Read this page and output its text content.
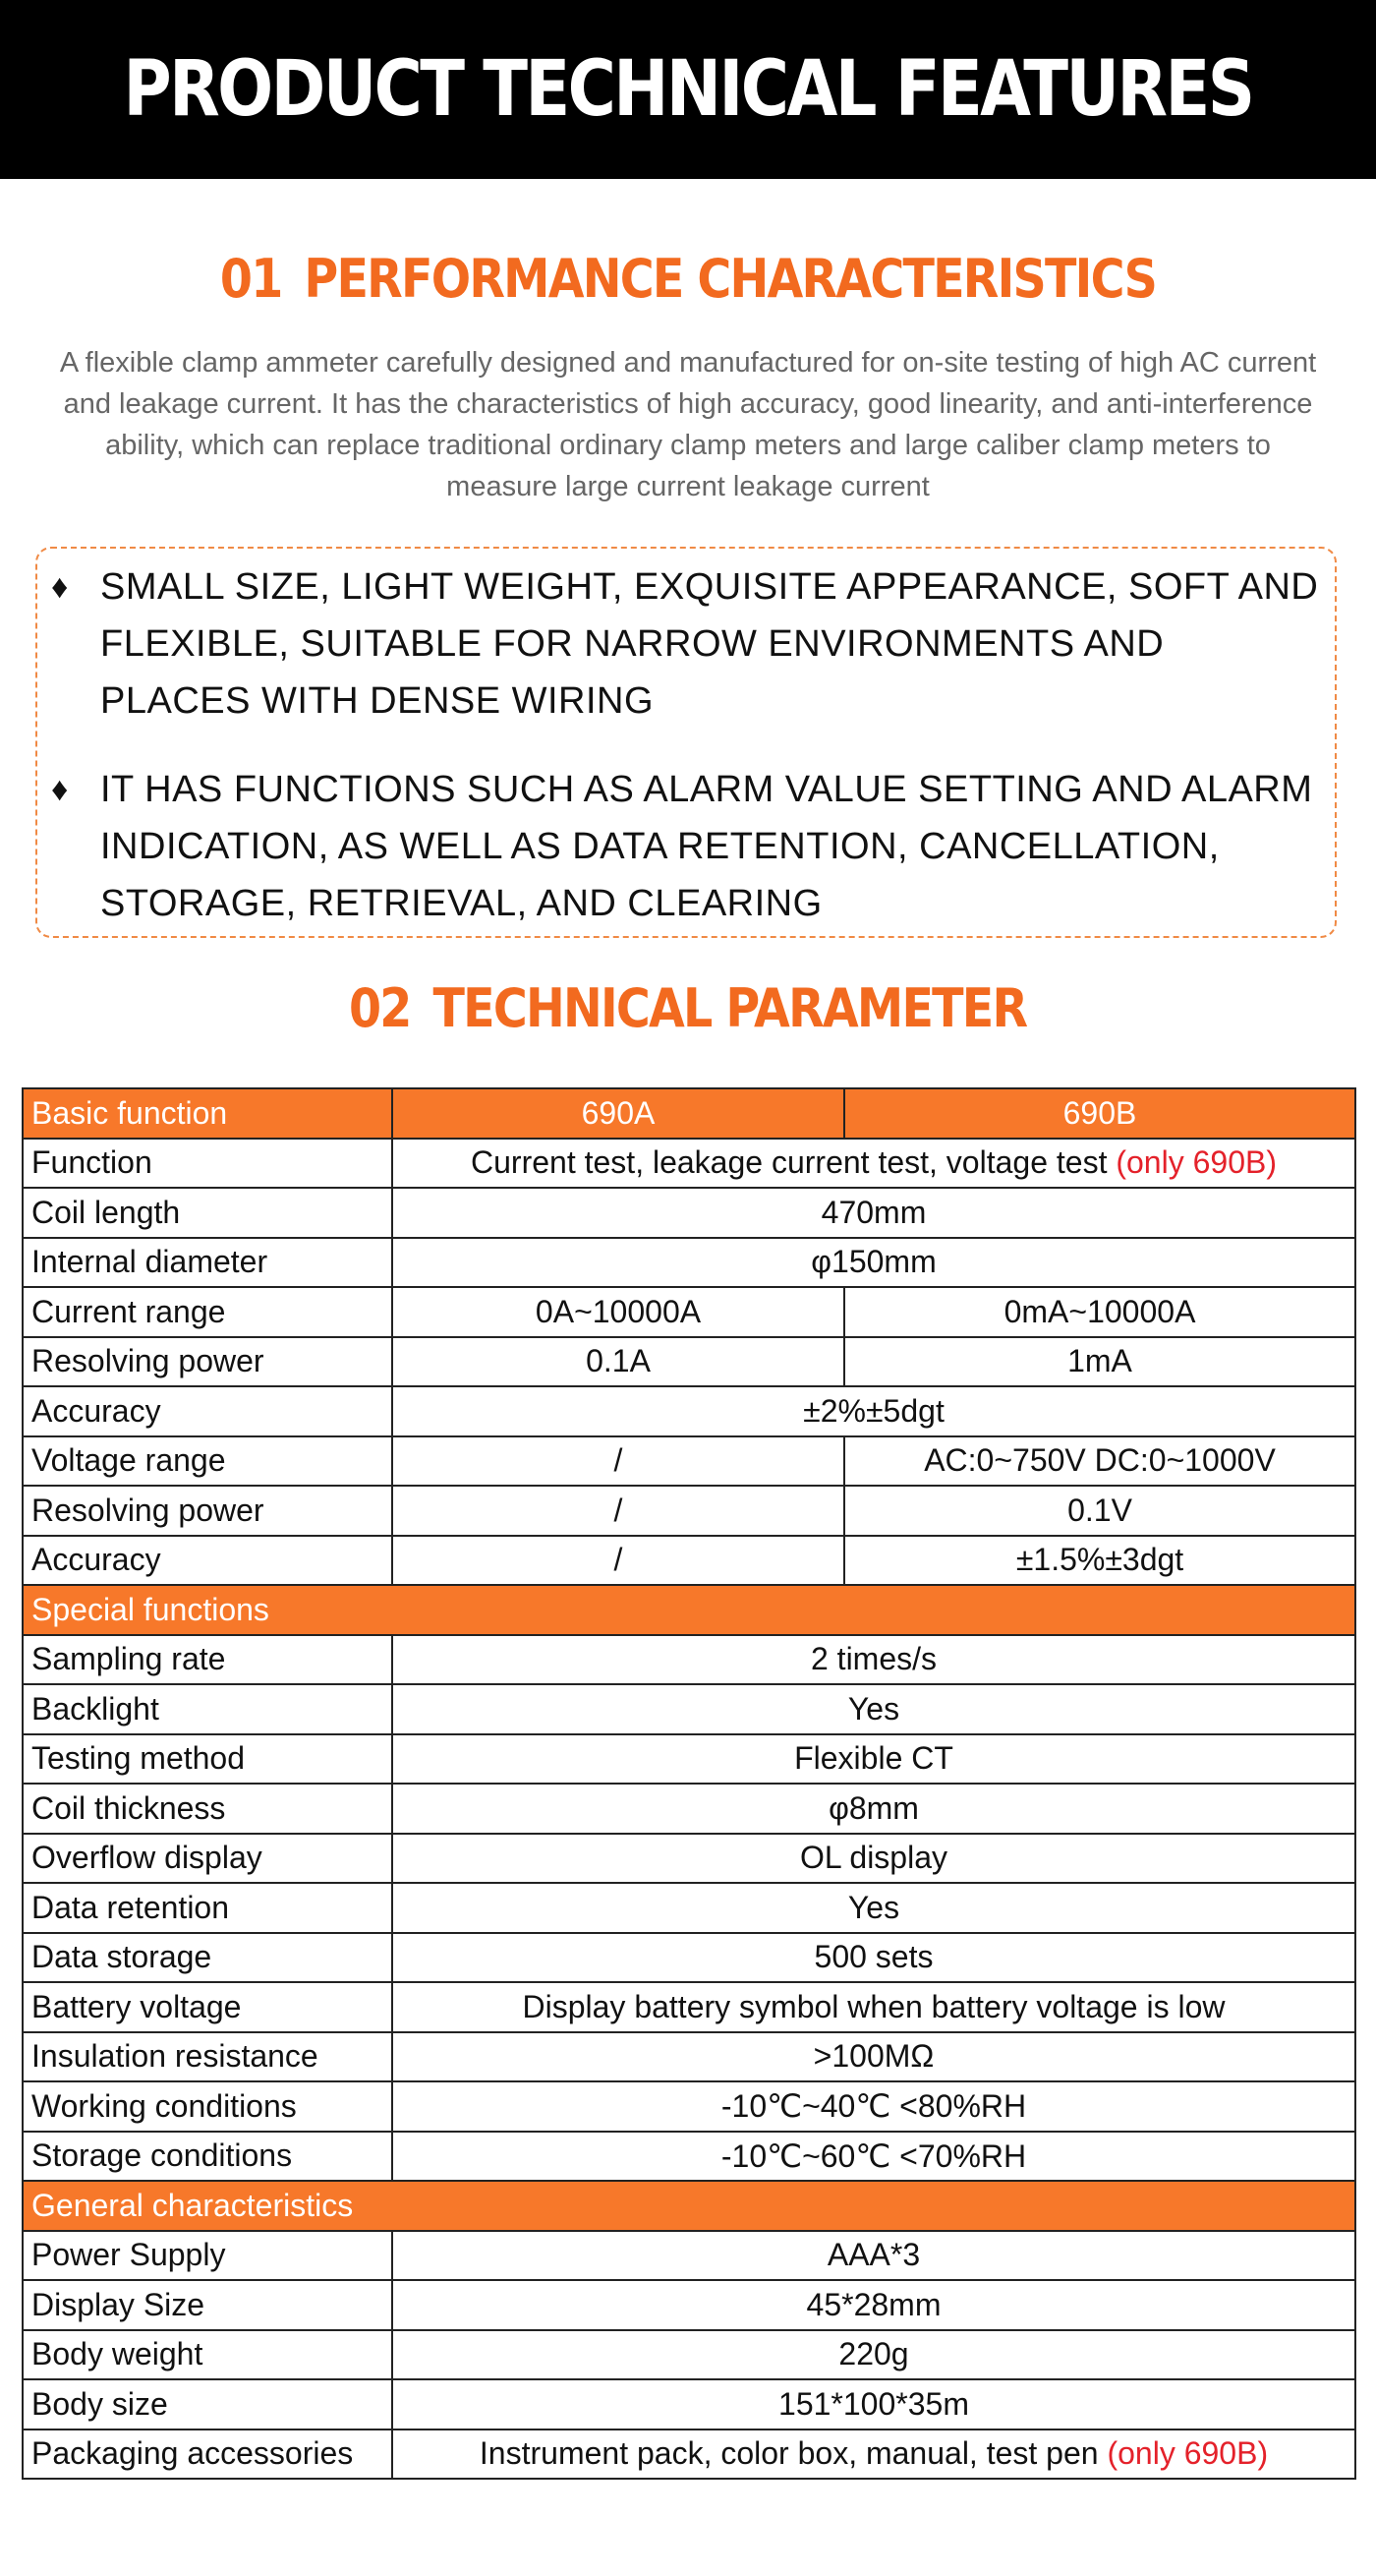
PRODUCT TECHNICAL FEATURES
01 PERFORMANCE CHARACTERISTICS
A flexible clamp ammeter carefully designed and manufactured for on-site testing of high AC current and leakage current. It has the characteristics of high accuracy, good linearity, and anti-interference ability, which can replace traditional ordinary clamp meters and large caliber clamp meters to measure large current leakage current
♦ SMALL SIZE, LIGHT WEIGHT, EXQUISITE APPEARANCE, SOFT AND FLEXIBLE, SUITABLE FOR NARROW ENVIRONMENTS AND PLACES WITH DENSE WIRING
♦ IT HAS FUNCTIONS SUCH AS ALARM VALUE SETTING AND ALARM INDICATION, AS WELL AS DATA RETENTION, CANCELLATION, STORAGE, RETRIEVAL, AND CLEARING
02 TECHNICAL PARAMETER
Basic function	690A	690B
Function	Current test, leakage current test, voltage test (only 690B)	
Coil length	470mm	
Internal diameter	φ150mm	
Current range	0A~10000A	0mA~10000A
Resolving power	0.1A	1mA
Accuracy	±2%±5dgt	
Voltage range	/	AC:0~750V DC:0~1000V
Resolving power	/	0.1V
Accuracy	/	±1.5%±3dgt
Special functions		
Sampling rate	2 times/s	
Backlight	Yes	
Testing method	Flexible CT	
Coil thickness	φ8mm	
Overflow display	OL display	
Data retention	Yes	
Data storage	500 sets	
Battery voltage	Display battery symbol when battery voltage is low	
Insulation resistance	>100MΩ	
Working conditions	-10℃~40℃ <80%RH	
Storage conditions	-10℃~60℃ <70%RH	
General characteristics		
Power Supply	AAA*3	
Display Size	45*28mm	
Body weight	220g	
Body size	151*100*35m	
Packaging accessories	Instrument pack, color box, manual, test pen (only 690B)	
